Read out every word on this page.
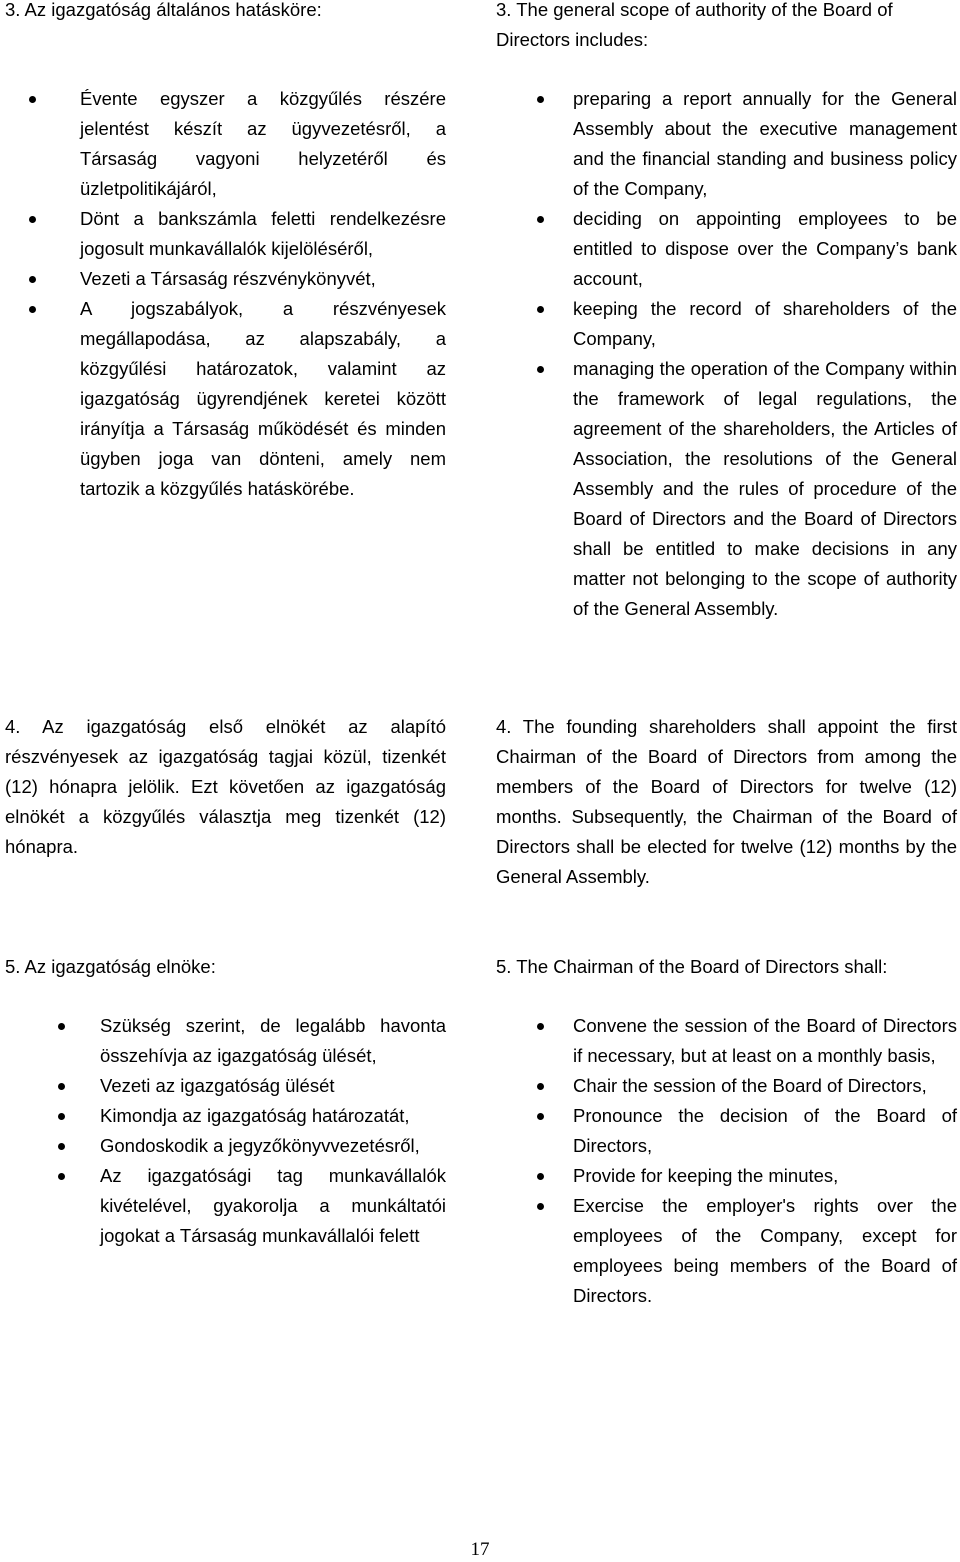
3. Az igazgatóság általános hatásköre:	3. The general scope of authority of the Board of Directors includes:

Évente egyszer a közgyűlés részére jelentést készít az ügyvezetésről, a Társaság vagyoni helyzetéről és üzletpolitikájáról,
Dönt a bankszámla feletti rendelkezésre jogosult munkavállalók kijelöléséről,
Vezeti a Társaság részvénykönyvét,
A jogszabályok, a részvényesek megállapodása, az alapszabály, a közgyűlési határozatok, valamint az igazgatóság ügyrendjének keretei között irányítja a Társaság működését és minden ügyben joga van dönteni, amely nem tartozik a közgyűlés hatáskörébe.
preparing a report annually for the General Assembly about the executive management and the financial standing and business policy of the Company,
deciding on appointing employees to be entitled to dispose over the Company’s bank account,
keeping the record of shareholders of the Company,
managing the operation of the Company within the framework of legal regulations, the agreement of the shareholders, the Articles of Association, the resolutions of the General Assembly and the rules of procedure of the Board of Directors and the Board of Directors shall be entitled to make decisions in any matter not belonging to the scope of authority of the General Assembly.

4. Az igazgatóság első elnökét az alapító részvényesek az igazgatóság tagjai közül, tizenkét (12) hónapra jelölik. Ezt követően az igazgatóság elnökét a közgyűlés választja meg tizenkét (12) hónapra.

4. The founding shareholders shall appoint the first Chairman of the Board of Directors from among the members of the Board of Directors for twelve (12) months. Subsequently, the Chairman of the Board of Directors shall be elected for twelve (12) months by the General Assembly.

5. Az igazgatóság elnöke:	5. The Chairman of the Board of Directors shall:

Szükség szerint, de legalább havonta összehívja az igazgatóság ülését,
Vezeti az igazgatóság ülését
Kimondja az igazgatóság határozatát,
Gondoskodik a jegyzőkönyvvezetésről,
Az igazgatósági tag munkavállalók kivételével, gyakorolja a munkáltatói jogokat a Társaság munkavállalói felett
Convene the session of the Board of Directors if necessary, but at least on a monthly basis,
Chair the session of the Board of Directors,
Pronounce the decision of the Board of Directors,
Provide for keeping the minutes,
Exercise the employer's rights over the employees of the Company, except for employees being members of the Board of Directors.
17
